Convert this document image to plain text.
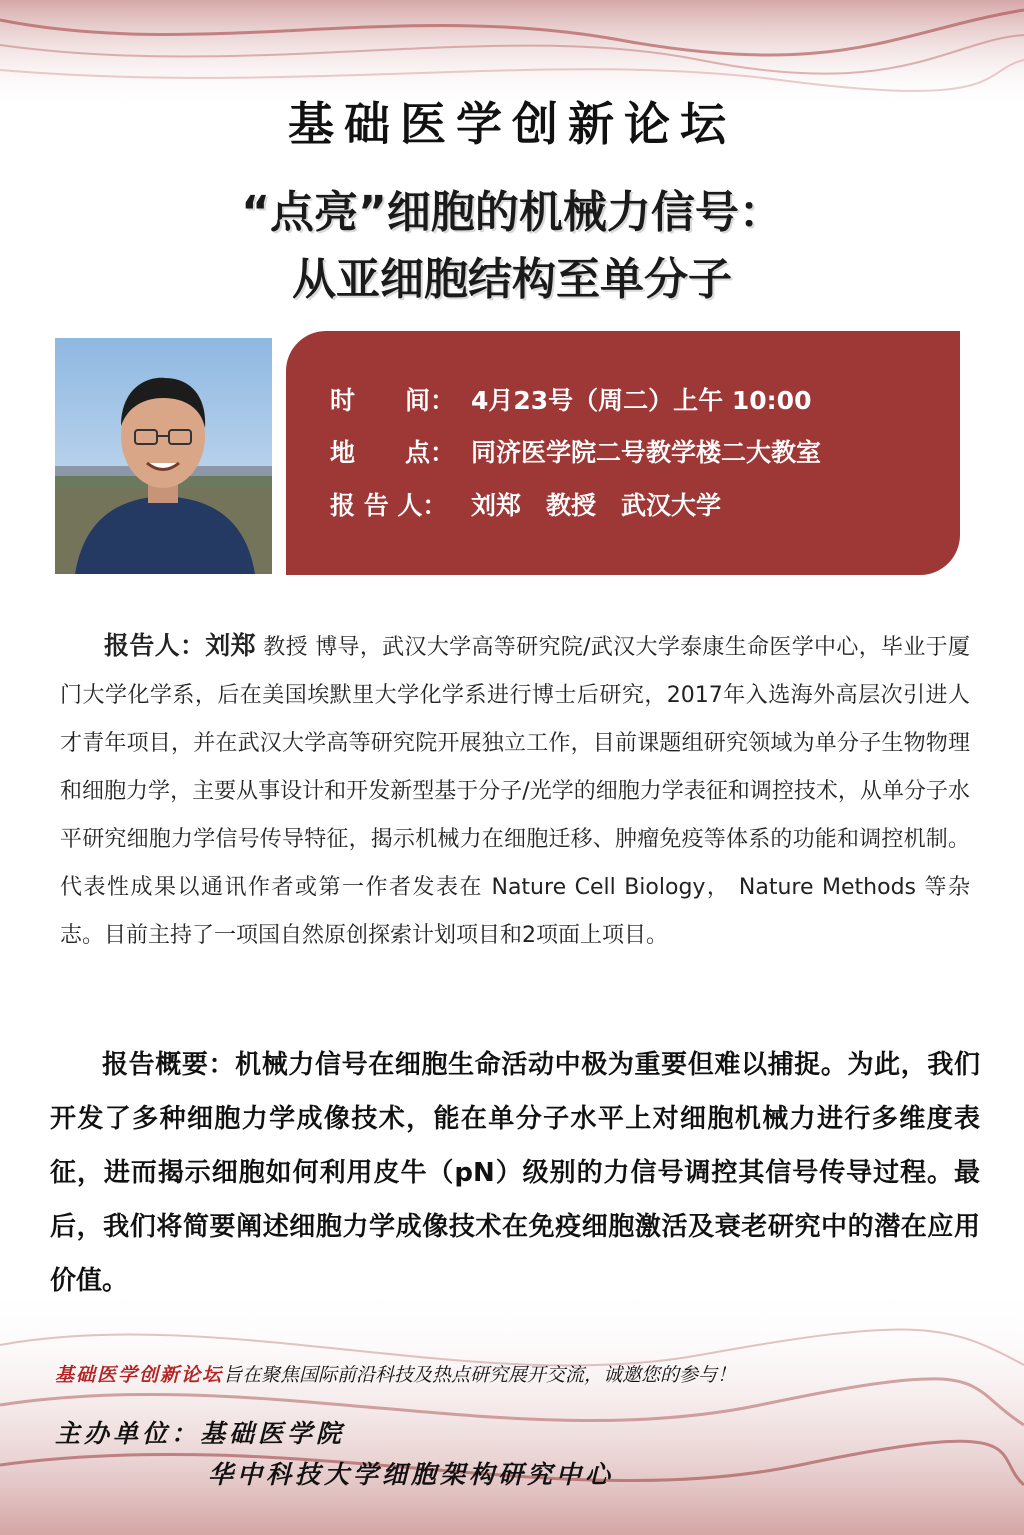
基础医学创新论坛
“点亮”细胞的机械力信号：
从亚细胞结构至单分子
时　　间： 4月23号（周二）上午 10:00
地　　点： 同济医学院二号教学楼二大教室
报 告 人： 刘郑　教授　武汉大学
报告人：刘郑 教授 博导，武汉大学高等研究院/武汉大学泰康生命医学中心，毕业于厦门大学化学系，后在美国埃默里大学化学系进行博士后研究，2017年入选海外高层次引进人才青年项目，并在武汉大学高等研究院开展独立工作，目前课题组研究领域为单分子生物物理和细胞力学，主要从事设计和开发新型基于分子/光学的细胞力学表征和调控技术，从单分子水平研究细胞力学信号传导特征，揭示机械力在细胞迁移、肿瘤免疫等体系的功能和调控机制。代表性成果以通讯作者或第一作者发表在 Nature Cell Biology， Nature Methods 等杂志。目前主持了一项国自然原创探索计划项目和2项面上项目。
报告概要：机械力信号在细胞生命活动中极为重要但难以捕捉。为此，我们开发了多种细胞力学成像技术，能在单分子水平上对细胞机械力进行多维度表征，进而揭示细胞如何利用皮牛（pN）级别的力信号调控其信号传导过程。最后，我们将简要阐述细胞力学成像技术在免疫细胞激活及衰老研究中的潜在应用价值。
基础医学创新论坛旨在聚焦国际前沿科技及热点研究展开交流，诚邀您的参与！
主办单位：基础医学院
华中科技大学细胞架构研究中心
